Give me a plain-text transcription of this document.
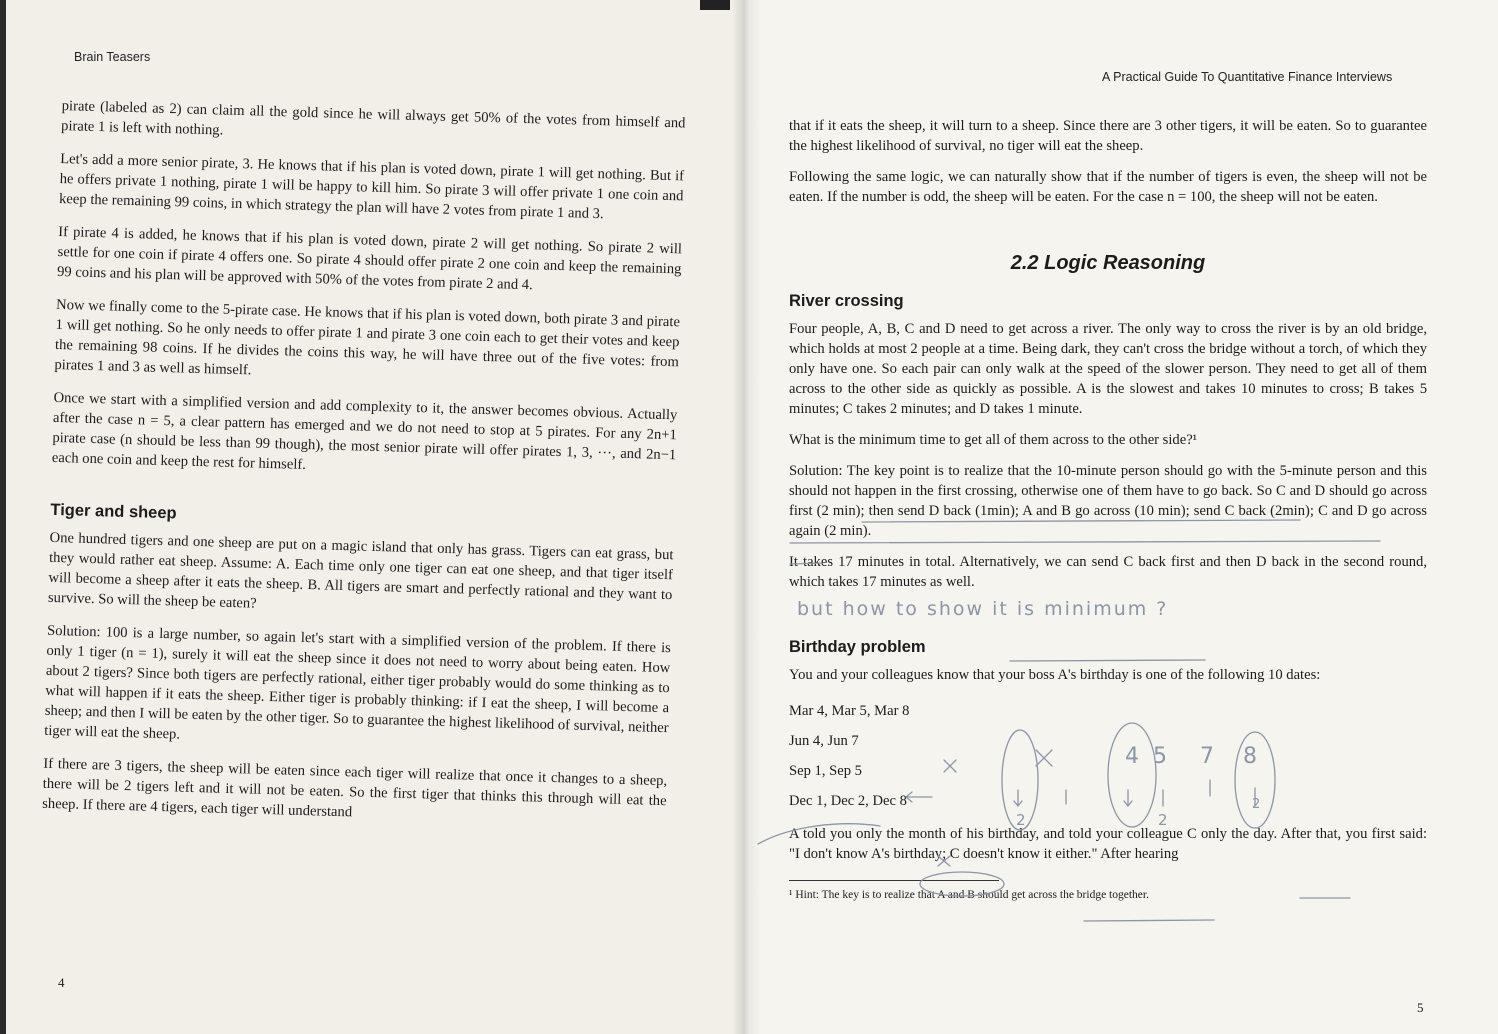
Brain Teasers

pirate (labeled as 2) can claim all the gold since he will always get 50% of the votes from himself and pirate 1 is left with nothing.

Let's add a more senior pirate, 3. He knows that if his plan is voted down, pirate 1 will get nothing. But if he offers private 1 nothing, pirate 1 will be happy to kill him. So pirate 3 will offer private 1 one coin and keep the remaining 99 coins, in which strategy the plan will have 2 votes from pirate 1 and 3.

If pirate 4 is added, he knows that if his plan is voted down, pirate 2 will get nothing. So pirate 2 will settle for one coin if pirate 4 offers one. So pirate 4 should offer pirate 2 one coin and keep the remaining 99 coins and his plan will be approved with 50% of the votes from pirate 2 and 4.

Now we finally come to the 5-pirate case. He knows that if his plan is voted down, both pirate 3 and pirate 1 will get nothing. So he only needs to offer pirate 1 and pirate 3 one coin each to get their votes and keep the remaining 98 coins. If he divides the coins this way, he will have three out of the five votes: from pirates 1 and 3 as well as himself.

Once we start with a simplified version and add complexity to it, the answer becomes obvious. Actually after the case n = 5, a clear pattern has emerged and we do not need to stop at 5 pirates. For any 2n+1 pirate case (n should be less than 99 though), the most senior pirate will offer pirates 1, 3, ···, and 2n−1 each one coin and keep the rest for himself.

Tiger and sheep

One hundred tigers and one sheep are put on a magic island that only has grass. Tigers can eat grass, but they would rather eat sheep. Assume: A. Each time only one tiger can eat one sheep, and that tiger itself will become a sheep after it eats the sheep. B. All tigers are smart and perfectly rational and they want to survive. So will the sheep be eaten?

Solution: 100 is a large number, so again let's start with a simplified version of the problem. If there is only 1 tiger (n = 1), surely it will eat the sheep since it does not need to worry about being eaten. How about 2 tigers? Since both tigers are perfectly rational, either tiger probably would do some thinking as to what will happen if it eats the sheep. Either tiger is probably thinking: if I eat the sheep, I will become a sheep; and then I will be eaten by the other tiger. So to guarantee the highest likelihood of survival, neither tiger will eat the sheep.

If there are 3 tigers, the sheep will be eaten since each tiger will realize that once it changes to a sheep, there will be 2 tigers left and it will not be eaten. So the first tiger that thinks this through will eat the sheep. If there are 4 tigers, each tiger will understand

4
A Practical Guide To Quantitative Finance Interviews

that if it eats the sheep, it will turn to a sheep. Since there are 3 other tigers, it will be eaten. So to guarantee the highest likelihood of survival, no tiger will eat the sheep.

Following the same logic, we can naturally show that if the number of tigers is even, the sheep will not be eaten. If the number is odd, the sheep will be eaten. For the case n = 100, the sheep will not be eaten.

2.2 Logic Reasoning
River crossing

Four people, A, B, C and D need to get across a river. The only way to cross the river is by an old bridge, which holds at most 2 people at a time. Being dark, they can't cross the bridge without a torch, of which they only have one. So each pair can only walk at the speed of the slower person. They need to get all of them across to the other side as quickly as possible. A is the slowest and takes 10 minutes to cross; B takes 5 minutes; C takes 2 minutes; and D takes 1 minute.

What is the minimum time to get all of them across to the other side?¹

Solution: The key point is to realize that the 10-minute person should go with the 5-minute person and this should not happen in the first crossing, otherwise one of them have to go back. So C and D should go across first (2 min); then send D back (1min); A and B go across (10 min); send C back (2min); C and D go across again (2 min).

It takes 17 minutes in total. Alternatively, we can send C back first and then D back in the second round, which takes 17 minutes as well.

but how to show it is minimum ?
Birthday problem

You and your colleagues know that your boss A's birthday is one of the following 10 dates:

Mar 4, Mar 5, Mar 8
Jun 4, Jun 7
Sep 1, Sep 5
Dec 1, Dec 2, Dec 8

A told you only the month of his birthday, and told your colleague C only the day. After that, you first said: "I don't know A's birthday; C doesn't know it either." After hearing

¹ Hint: The key is to realize that A and B should get across the bridge together.
5
4 5 7 8
2	2
2
